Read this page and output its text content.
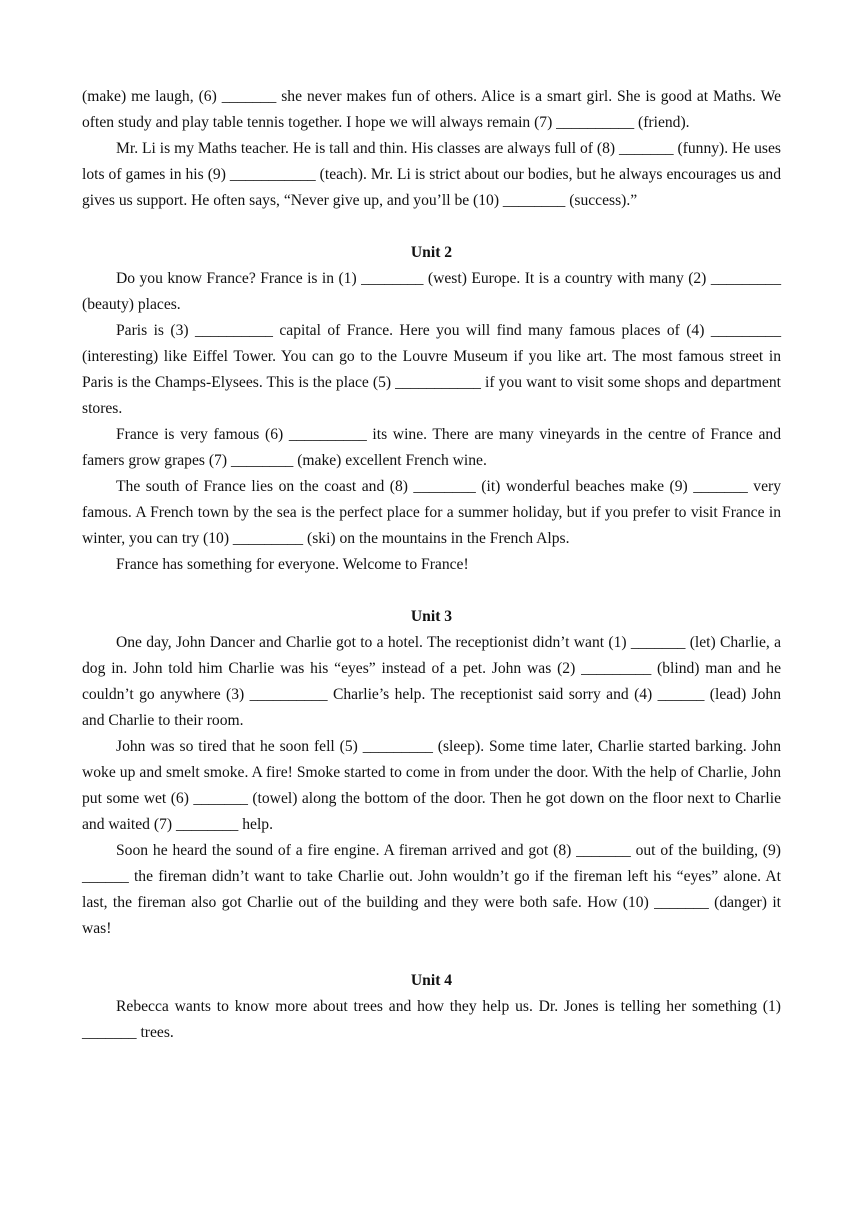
(make) me laugh, (6) _______ she never makes fun of others. Alice is a smart girl. She is good at Maths. We often study and play table tennis together. I hope we will always remain (7) __________ (friend).

Mr. Li is my Maths teacher. He is tall and thin. His classes are always full of (8) _______ (funny). He uses lots of games in his (9) ___________ (teach). Mr. Li is strict about our bodies, but he always encourages us and gives us support. He often says, “Never give up, and you’ll be (10) ________ (success).”

Unit 2

Do you know France? France is in (1) ________ (west) Europe. It is a country with many (2) _________ (beauty) places.

Paris is (3) __________ capital of France. Here you will find many famous places of (4) _________ (interesting) like Eiffel Tower. You can go to the Louvre Museum if you like art. The most famous street in Paris is the Champs-Elysees. This is the place (5) ___________ if you want to visit some shops and department stores.

France is very famous (6) __________ its wine. There are many vineyards in the centre of France and famers grow grapes (7) ________ (make) excellent French wine.

The south of France lies on the coast and (8) ________ (it) wonderful beaches make (9) _______ very famous. A French town by the sea is the perfect place for a summer holiday, but if you prefer to visit France in winter, you can try (10) _________ (ski) on the mountains in the French Alps.

France has something for everyone. Welcome to France!

Unit 3

One day, John Dancer and Charlie got to a hotel. The receptionist didn’t want (1) _______ (let) Charlie, a dog in. John told him Charlie was his “eyes” instead of a pet. John was (2) _________ (blind) man and he couldn’t go anywhere (3) __________ Charlie’s help. The receptionist said sorry and (4) ______ (lead) John and Charlie to their room.

John was so tired that he soon fell (5) _________ (sleep). Some time later, Charlie started barking. John woke up and smelt smoke. A fire! Smoke started to come in from under the door. With the help of Charlie, John put some wet (6) _______ (towel) along the bottom of the door. Then he got down on the floor next to Charlie and waited (7) ________ help.

Soon he heard the sound of a fire engine. A fireman arrived and got (8) _______ out of the building, (9) ______ the fireman didn’t want to take Charlie out. John wouldn’t go if the fireman left his “eyes” alone. At last, the fireman also got Charlie out of the building and they were both safe. How (10) _______ (danger) it was!

Unit 4

Rebecca wants to know more about trees and how they help us. Dr. Jones is telling her something (1) _______ trees.
